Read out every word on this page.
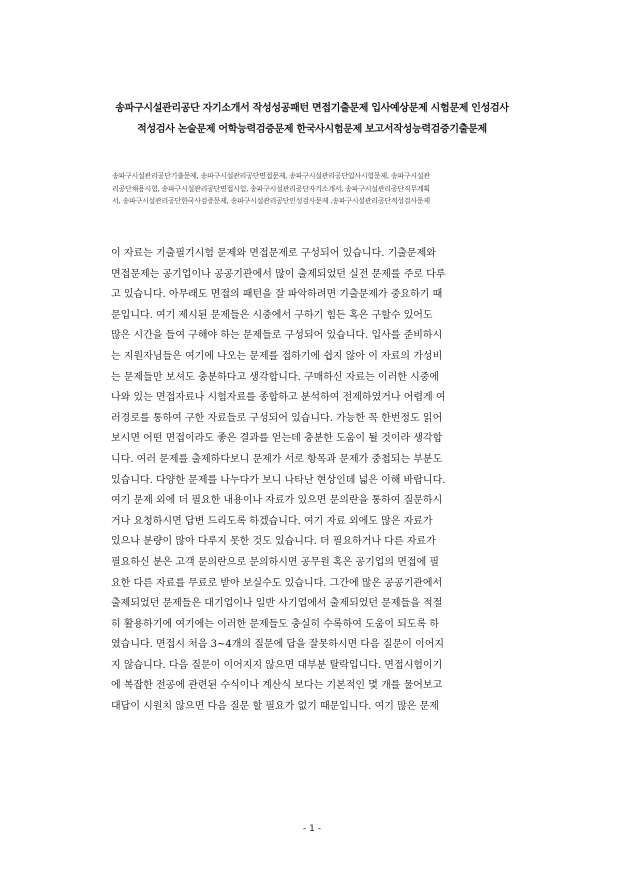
송파구시설관리공단 자기소개서 작성성공패턴 면접기출문제 입사예상문제 시험문제 인성검사
적성검사 논술문제 어학능력검증문제 한국사시험문제 보고서작성능력검증기출문제
송파구시설관리공단기출문제, 송파구시설관리공단면접문제, 송파구시설관리공단입사시험문제, 송파구시설관
리공단채용시험, 송파구시설관리공단면접시험, 송파구시설관리공단자기소개서, 송파구시설관리공단직무계획
서, 송파구시설관리공단한국사검증문제, 송파구시설관리공단인성검사문제 ,송파구시설관리공단적성검사문제
이 자료는 기출필기시험 문제와 면접문제로 구성되어 있습니다. 기출문제와
면접문제는 공기업이나 공공기관에서 많이 출제되었던 실전 문제를 주로 다루
고 있습니다. 아무래도 면접의 패턴을 잘 파악하려면 기출문제가 중요하기 때
문입니다. 여기 제시된 문제들은 시중에서 구하기 힘든 혹은 구할수 있어도
많은 시간을 들여 구해야 하는 문제들로 구성되어 있습니다. 입사를 준비하시
는 지원자님들은 여기에 나오는 문제를 접하기에 쉽지 않아 이 자료의 가성비
는 문제들만 보셔도 충분하다고 생각합니다. 구매하신 자료는 이러한 시중에
나와 있는 면접자료나 시험자료를 종합하고 분석하여 전제하였거나 어렵게 여
러경로를 통하여 구한 자료들로 구성되어 있습니다. 가능한 꼭 한번정도 읽어
보시면 어떤 면접이라도 좋은 결과를 얻는데 충분한 도움이 될 것이라 생각합
니다. 여러 문제를 출제하다보니 문제가 서로 항목과 문제가 중첩되는 부분도
있습니다. 다양한 문제를 나누다가 보니 나타난 현상인데 넓은 이해 바랍니다.
여기 문제 외에 더 필요한 내용이나 자료가 있으면 문의란을 통하여 질문하시
거나 요청하시면 답변 드리도록 하겠습니다. 여기 자료 외에도 많은 자료가
있으나 분량이 많아 다루지 못한 것도 있습니다. 더 필요하거나 다른 자료가
필요하신 분은 고객 문의란으로 문의하시면 공무원 혹은 공기업의 면접에 필
요한 다른 자료를 무료로 받아 보실수도 있습니다. 그간에 많은 공공기관에서
출제되었던 문제들은 대기업이나 일반 사기업에서 출제되었던 문제들을 적절
히 활용하기에 여기에는 이러한 문제들도 충실히 수록하여 도움이 되도록 하
였습니다. 면접시 처음 3~4개의 질문에 답을 잘못하시면 다음 질문이 이어지
지 않습니다. 다음 질문이 이어지지 않으면 대부분 탈락입니다. 면접시험이기
에 복잡한 전공에 관련된 수식이나 계산식 보다는 기본적인 몇 개를 물어보고
대답이 시원치 않으면 다음 질문 할 필요가 없기 때문입니다. 여기 많은 문제
- 1 -
